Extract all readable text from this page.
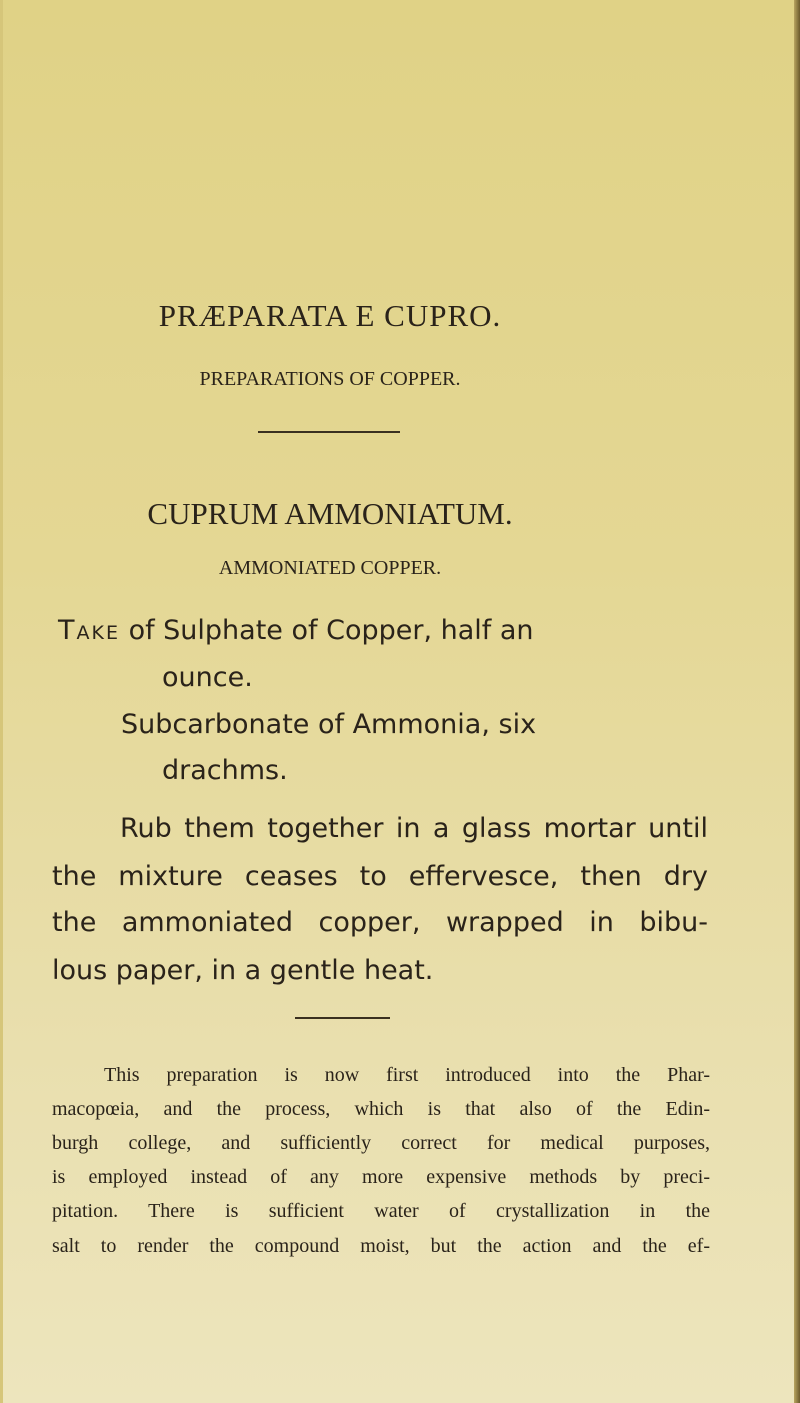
PRÆPARATA E CUPRO.
PREPARATIONS OF COPPER.
CUPRUM AMMONIATUM.
AMMONIATED COPPER.
Take of Sulphate of Copper, half an
ounce.
Subcarbonate of Ammonia, six
drachms.
Rub them together in a glass mortar until
the mixture ceases to effervesce, then dry
the ammoniated copper, wrapped in bibu-
lous paper, in a gentle heat.
This preparation is now first introduced into the Phar-
macopœia, and the process, which is that also of the Edin-
burgh college, and sufficiently correct for medical purposes,
is employed instead of any more expensive methods by preci-
pitation. There is sufficient water of crystallization in the
salt to render the compound moist, but the action and the ef-
